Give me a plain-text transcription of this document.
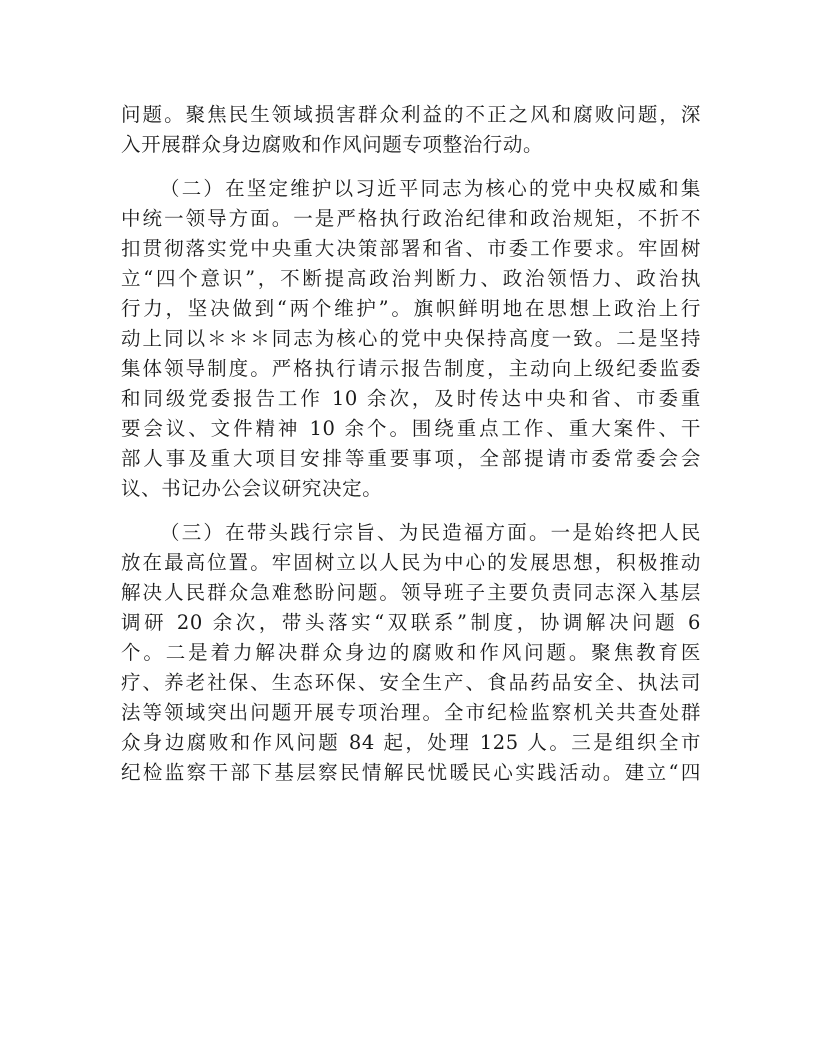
问题。聚焦民生领域损害群众利益的不正之风和腐败问题，深
入开展群众身边腐败和作风问题专项整治行动。
（二）在坚定维护以习近平同志为核心的党中央权威和集
中统一领导方面。一是严格执行政治纪律和政治规矩，不折不
扣贯彻落实党中央重大决策部署和省、市委工作要求。牢固树
立“四个意识”，不断提高政治判断力、政治领悟力、政治执
行力，坚决做到“两个维护”。旗帜鲜明地在思想上政治上行
动上同以＊＊＊同志为核心的党中央保持高度一致。二是坚持
集体领导制度。严格执行请示报告制度，主动向上级纪委监委
和同级党委报告工作 10 余次，及时传达中央和省、市委重
要会议、文件精神 10 余个。围绕重点工作、重大案件、干
部人事及重大项目安排等重要事项，全部提请市委常委会会
议、书记办公会议研究决定。
（三）在带头践行宗旨、为民造福方面。一是始终把人民
放在最高位置。牢固树立以人民为中心的发展思想，积极推动
解决人民群众急难愁盼问题。领导班子主要负责同志深入基层
调研 20 余次，带头落实“双联系”制度，协调解决问题 6
个。二是着力解决群众身边的腐败和作风问题。聚焦教育医
疗、养老社保、生态环保、安全生产、食品药品安全、执法司
法等领域突出问题开展专项治理。全市纪检监察机关共查处群
众身边腐败和作风问题 84 起，处理 125 人。三是组织全市
纪检监察干部下基层察民情解民忧暖民心实践活动。建立“四
